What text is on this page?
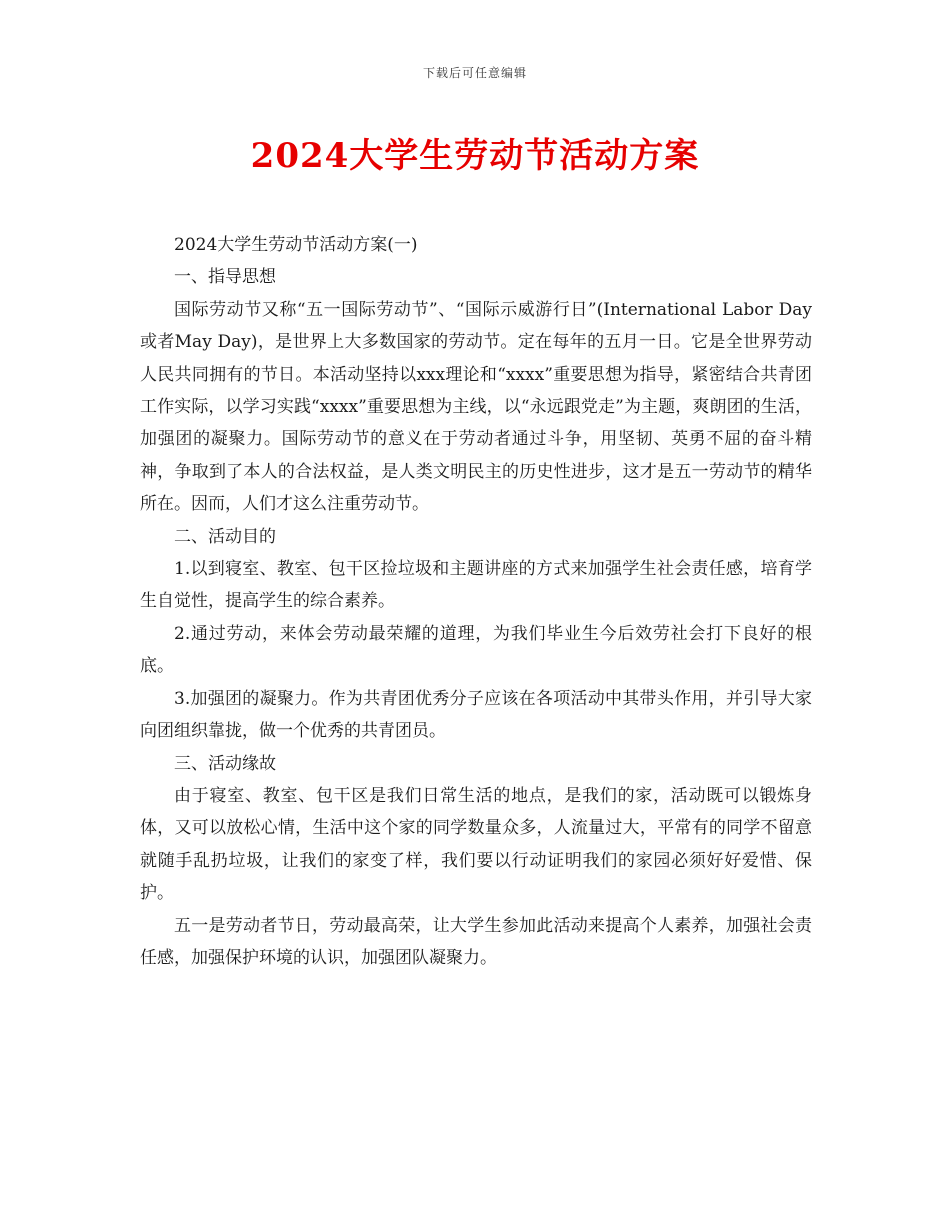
下载后可任意编辑
2024大学生劳动节活动方案

2024大学生劳动节活动方案(一)

一、指导思想

国际劳动节又称“五一国际劳动节”、“国际示威游行日”(International Labor Day或者May Day)，是世界上大多数国家的劳动节。定在每年的五月一日。它是全世界劳动人民共同拥有的节日。本活动坚持以xxx理论和“xxxx”重要思想为指导，紧密结合共青团工作实际，以学习实践“xxxx”重要思想为主线，以“永远跟党走”为主题，爽朗团的生活，加强团的凝聚力。国际劳动节的意义在于劳动者通过斗争，用坚韧、英勇不屈的奋斗精神，争取到了本人的合法权益，是人类文明民主的历史性进步，这才是五一劳动节的精华所在。因而，人们才这么注重劳动节。

二、活动目的

1.以到寝室、教室、包干区捡垃圾和主题讲座的方式来加强学生社会责任感，培育学生自觉性，提高学生的综合素养。

2.通过劳动，来体会劳动最荣耀的道理，为我们毕业生今后效劳社会打下良好的根底。

3.加强团的凝聚力。作为共青团优秀分子应该在各项活动中其带头作用，并引导大家向团组织靠拢，做一个优秀的共青团员。

三、活动缘故

由于寝室、教室、包干区是我们日常生活的地点，是我们的家，活动既可以锻炼身体，又可以放松心情，生活中这个家的同学数量众多，人流量过大，平常有的同学不留意就随手乱扔垃圾，让我们的家变了样，我们要以行动证明我们的家园必须好好爱惜、保护。

五一是劳动者节日，劳动最高荣，让大学生参加此活动来提高个人素养，加强社会责任感，加强保护环境的认识，加强团队凝聚力。
